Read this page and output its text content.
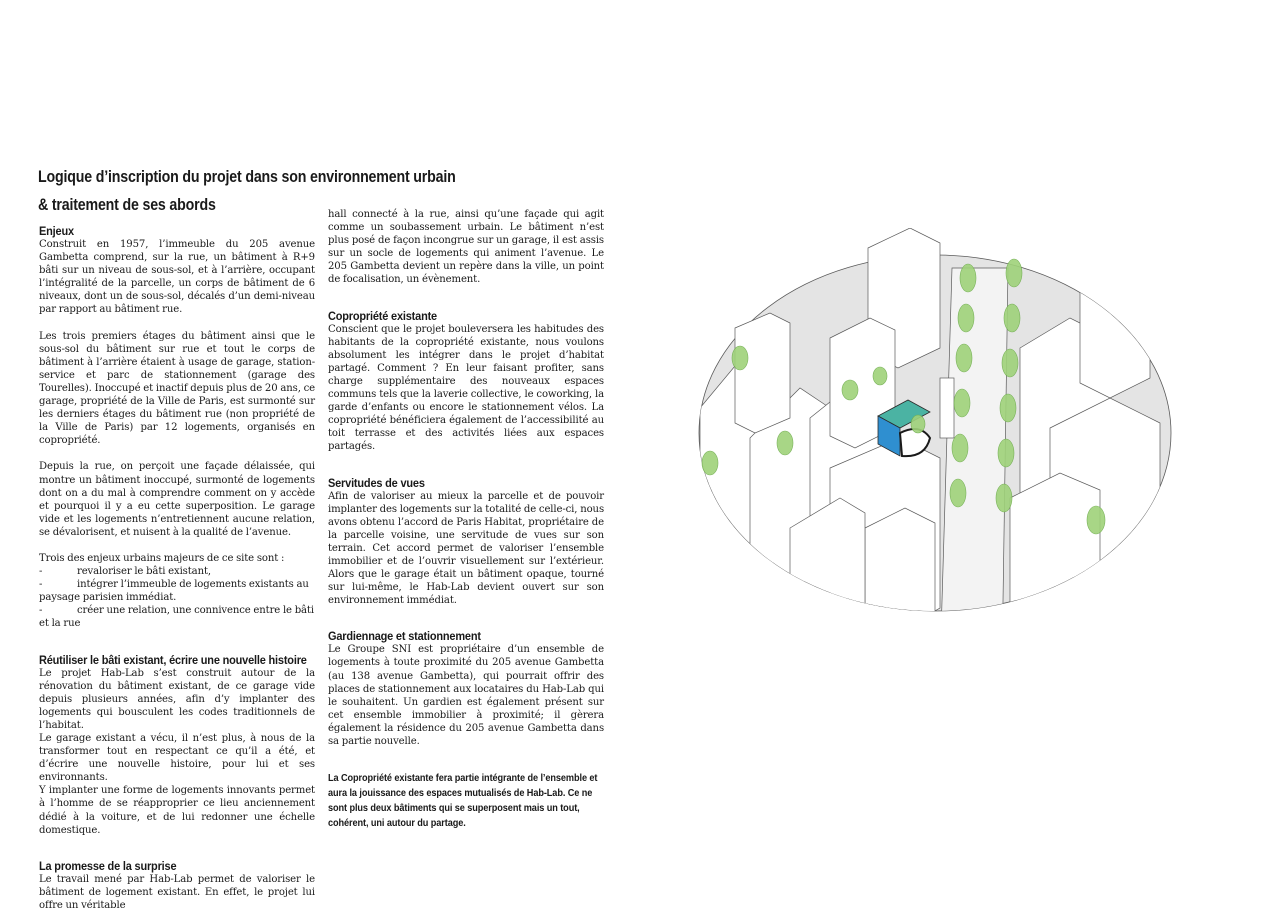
Logique d’inscription du projet dans son environnement urbain
& traitement de ses abords
Enjeux

Construit en 1957, l’immeuble du 205 avenue Gambetta comprend, sur la rue, un bâtiment à R+9 bâti sur un niveau de sous-sol, et à l’arrière, occupant l’intégralité de la parcelle, un corps de bâtiment de 6 niveaux, dont un de sous-sol, décalés d’un demi-niveau par rapport au bâtiment rue.

Les trois premiers étages du bâtiment ainsi que le sous-sol du bâtiment sur rue et tout le corps de bâtiment à l’arrière étaient à usage de garage, station-service et parc de stationnement (garage des Tourelles). Inoccupé et inactif depuis plus de 20 ans, ce garage, propriété de la Ville de Paris, est surmonté sur les derniers étages du bâtiment rue (non propriété de la Ville de Paris) par 12 logements, organisés en copropriété.

Depuis la rue, on perçoit une façade délaissée, qui montre un bâtiment inoccupé, surmonté de logements dont on a du mal à comprendre comment on y accède et pourquoi il y a eu cette superposition. Le garage vide et les logements n’entretiennent aucune relation, se dévalorisent, et nuisent à la qualité de l’avenue.

Trois des enjeux urbains majeurs de ce site sont :

-	revaloriser le bâti existant,
-	intégrer l’immeuble de logements existants au paysage parisien immédiat.
-	créer une relation, une connivence entre le bâti et la rue
Réutiliser le bâti existant, écrire une nouvelle histoire

Le projet Hab-Lab s’est construit autour de la rénovation du bâtiment existant, de ce garage vide depuis plusieurs années, afin d’y implanter des logements qui bousculent les codes traditionnels de l’habitat.

Le garage existant a vécu, il n’est plus, à nous de la transformer tout en respectant ce qu’il a été, et d’écrire une nouvelle histoire, pour lui et ses environnants.

Y implanter une forme de logements innovants permet à l’homme de se réapproprier ce lieu anciennement dédié à la voiture, et de lui redonner une échelle domestique.

La promesse de la surprise

Le travail mené par Hab-Lab permet de valoriser le bâtiment de logement existant. En effet, le projet lui offre un véritable

hall connecté à la rue, ainsi qu’une façade qui agit comme un soubassement urbain. Le bâtiment n’est plus posé de façon incongrue sur un garage, il est assis sur un socle de logements qui animent l’avenue. Le 205 Gambetta devient un repère dans la ville, un point de focalisation, un évènement.

Copropriété existante

Conscient que le projet bouleversera les habitudes des habitants de la copropriété existante, nous voulons absolument les intégrer dans le projet d’habitat partagé. Comment ? En leur faisant profiter, sans charge supplémentaire des nouveaux espaces communs tels que la laverie collective, le coworking, la garde d’enfants ou encore le stationnement vélos. La copropriété bénéficiera également de l’accessibilité au toit terrasse et des activités liées aux espaces partagés.

Servitudes de vues

Afin de valoriser au mieux la parcelle et de pouvoir implanter des logements sur la totalité de celle-ci, nous avons obtenu l’accord de Paris Habitat, propriétaire de la parcelle voisine, une servitude de vues sur son terrain. Cet accord permet de valoriser l’ensemble immobilier et de l’ouvrir visuellement sur l’extérieur. Alors que le garage était un bâtiment opaque, tourné sur lui-même, le Hab-Lab devient ouvert sur son environnement immédiat.

Gardiennage et stationnement

Le Groupe SNI est propriétaire d’un ensemble de logements à toute proximité du 205 avenue Gambetta (au 138 avenue Gambetta), qui pourrait offrir des places de stationnement aux locataires du Hab-Lab qui le souhaitent. Un gardien est également présent sur cet ensemble immobilier à proximité; il gèrera également la résidence du 205 avenue Gambetta dans sa partie nouvelle.

La Copropriété existante fera partie intégrante de l’ensemble et aura la jouissance des espaces mutualisés de Hab-Lab. Ce ne sont plus deux bâtiments qui se superposent mais un tout, cohérent, uni autour du partage.
